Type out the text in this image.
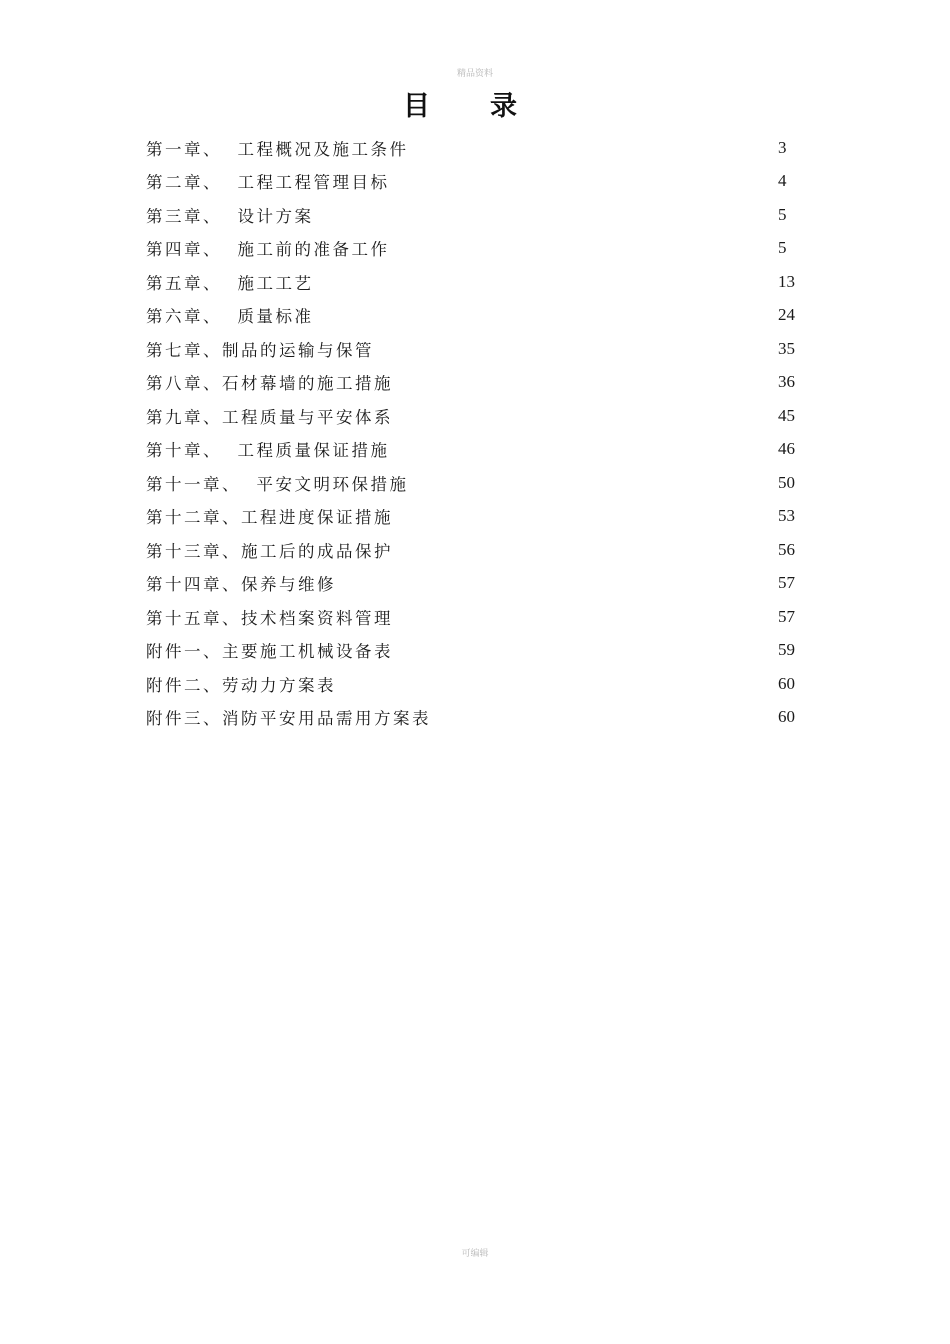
精品资料
目录
第一章、  工程概况及施工条件	3
第二章、  工程工程管理目标	4
第三章、  设计方案	5
第四章、  施工前的准备工作	5
第五章、  施工工艺	13
第六章、  质量标准	24
第七章、制品的运输与保管	35
第八章、石材幕墙的施工措施	36
第九章、工程质量与平安体系	45
第十章、  工程质量保证措施	46
第十一章、  平安文明环保措施	50
第十二章、工程进度保证措施	53
第十三章、施工后的成品保护	56
第十四章、保养与维修	57
第十五章、技术档案资料管理	57
附件一、主要施工机械设备表	59
附件二、劳动力方案表	60
附件三、消防平安用品需用方案表	60
可编辑
